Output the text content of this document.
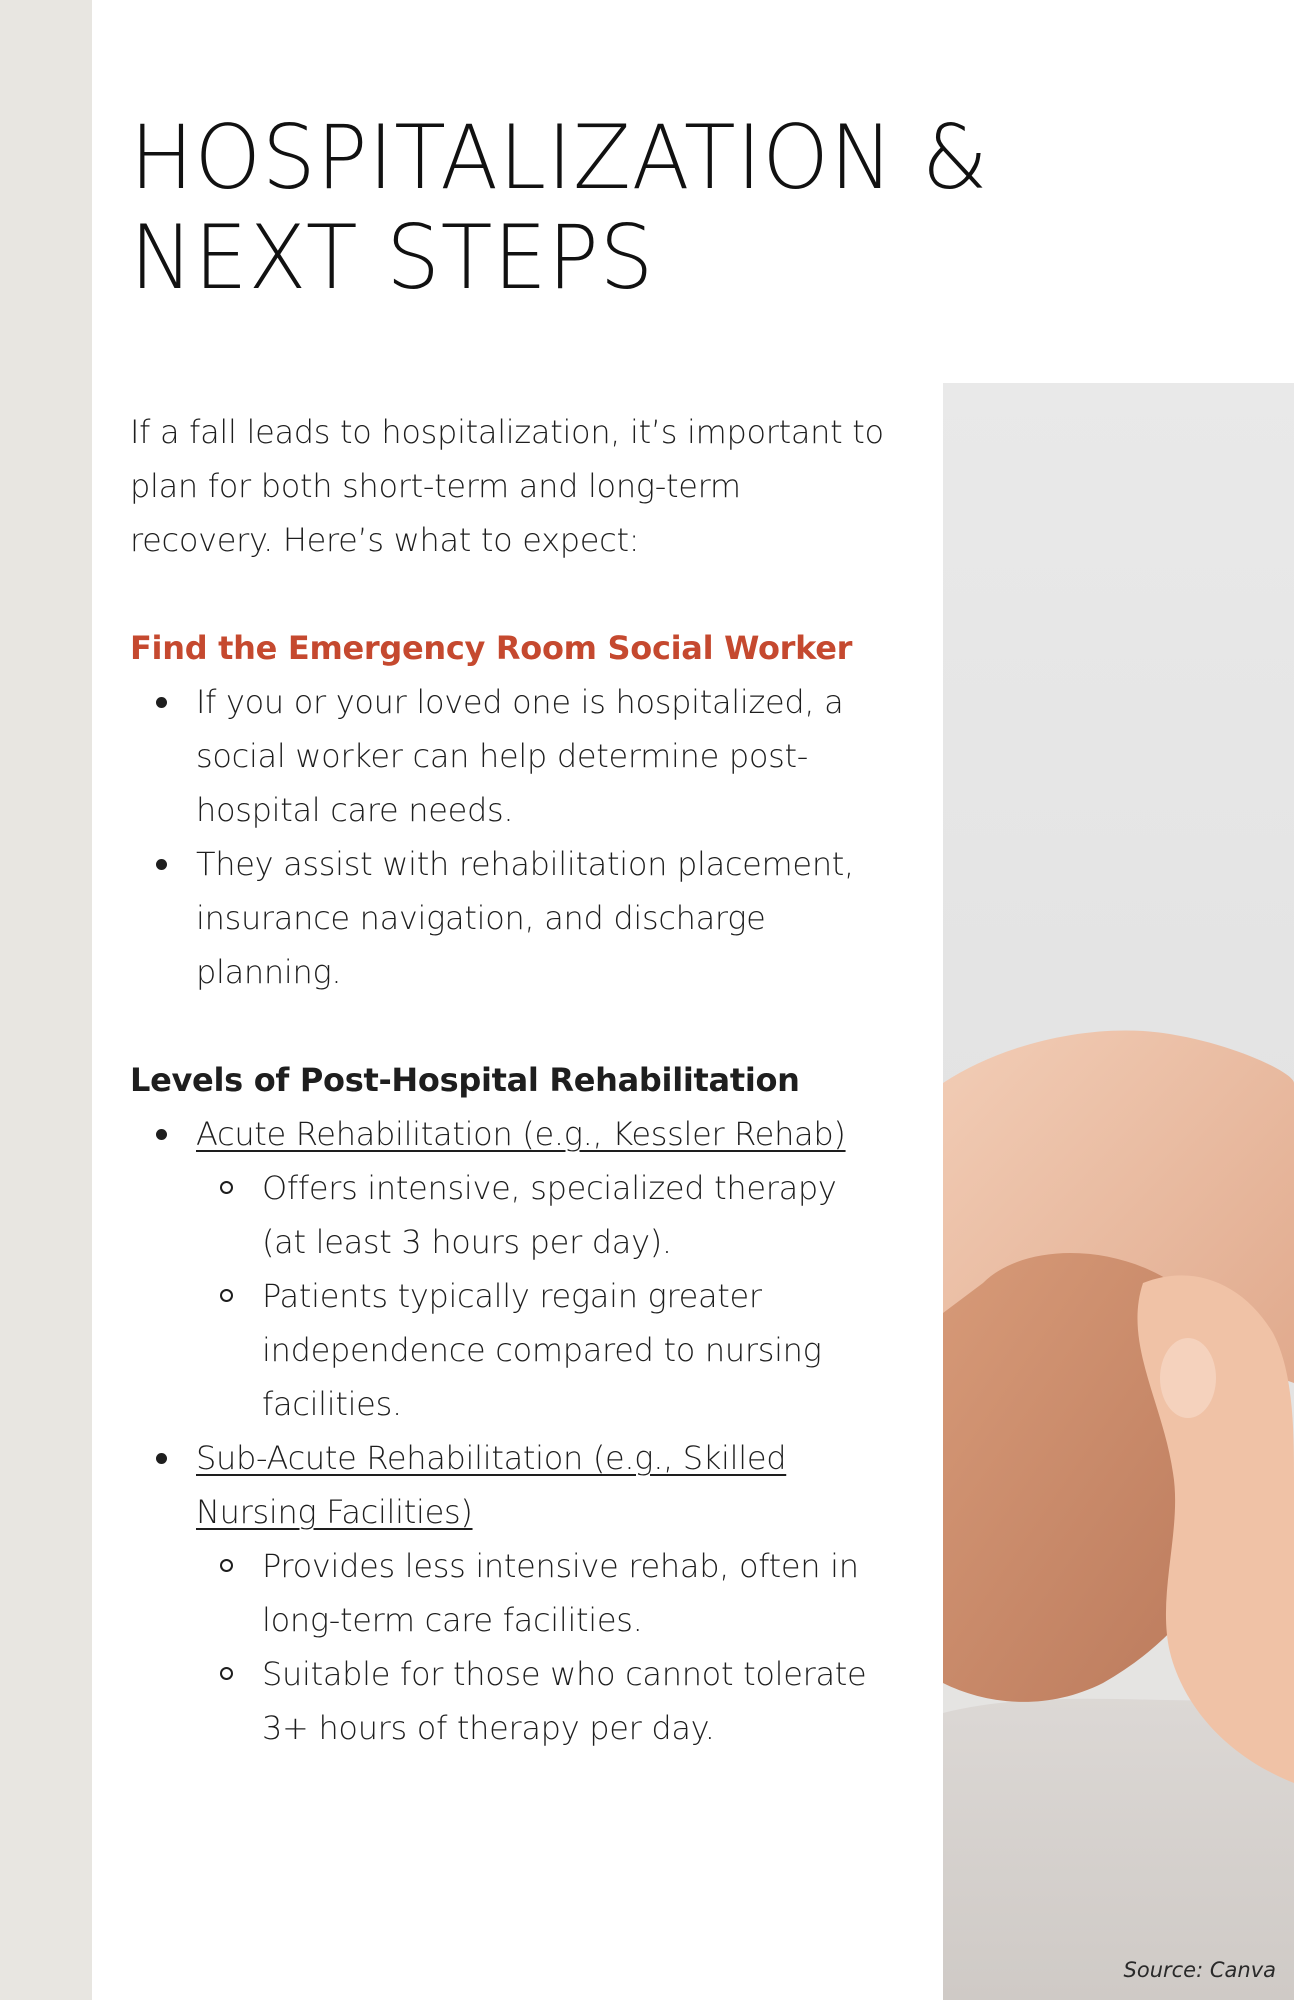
HOSPITALIZATION &
NEXT STEPS
Source: Canva

If a fall leads to hospitalization, it’s important to plan for both short-term and long-term recovery. Here’s what to expect:

Find the Emergency Room Social Worker

If you or your loved one is hospitalized, a social worker can help determine post-hospital care needs.
They assist with rehabilitation placement, insurance navigation, and discharge planning.

Levels of Post-Hospital Rehabilitation

Acute Rehabilitation (e.g., Kessler Rehab)
Offers intensive, specialized therapy (at least 3 hours per day).
Patients typically regain greater independence compared to nursing facilities.
Sub-Acute Rehabilitation (e.g., Skilled Nursing Facilities)
Provides less intensive rehab, often in long-term care facilities.
Suitable for those who cannot tolerate 3+ hours of therapy per day.
